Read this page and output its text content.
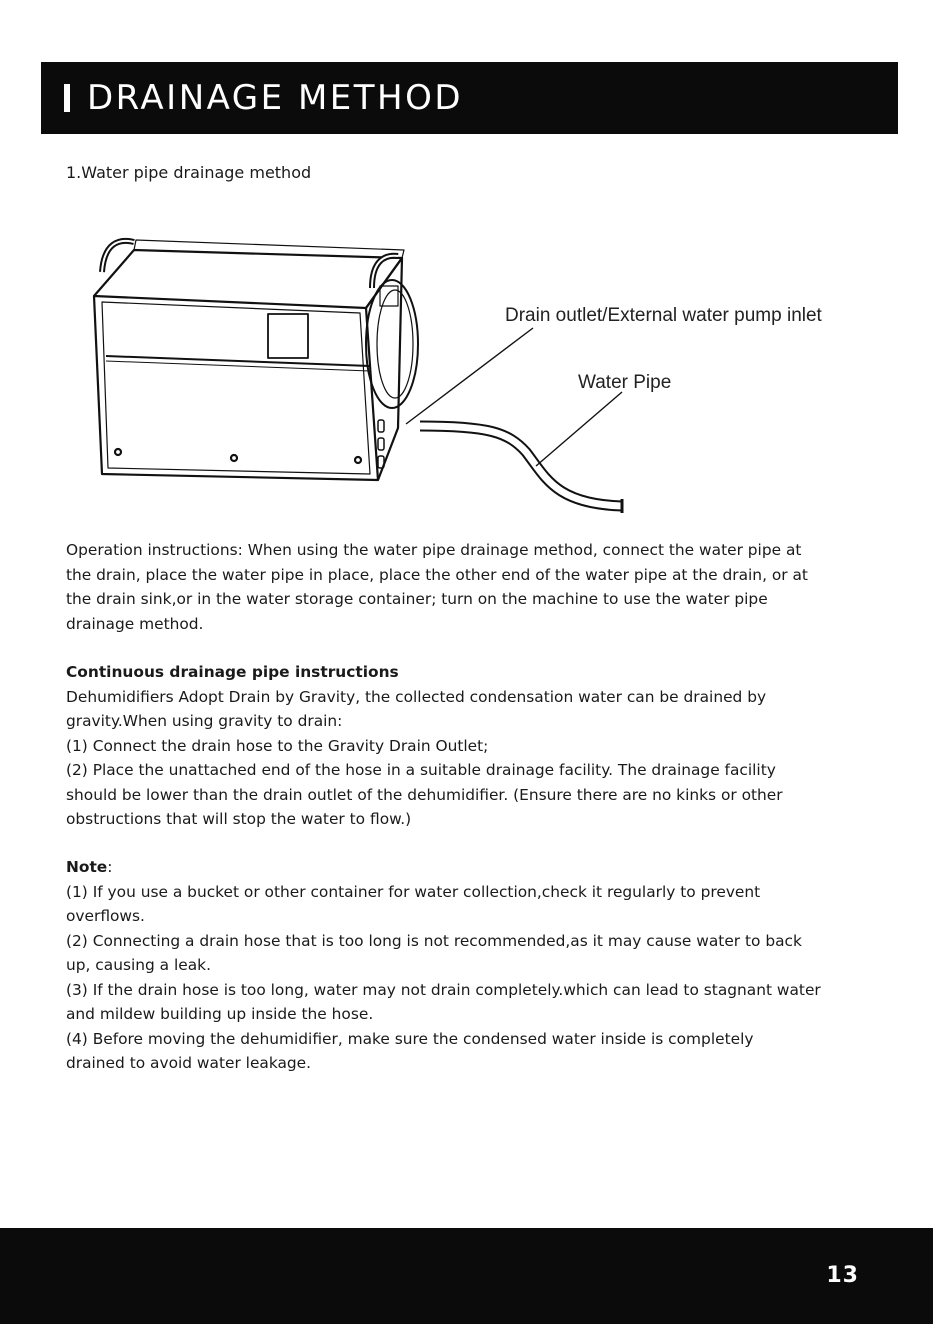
DRAINAGE METHOD
1.Water pipe drainage method
Drain outlet/External water pump inlet
Water Pipe

Operation instructions: When using the water pipe drainage method, connect the water pipe at

the drain, place the water pipe in place, place the other end of the water pipe at the drain, or at

the drain sink,or in the water storage container; turn on the machine to use the water pipe

drainage method.

Continuous drainage pipe instructions

Dehumidifiers Adopt Drain by Gravity, the collected condensation water can be drained by

gravity.When using gravity to drain:

(1) Connect the drain hose to the Gravity Drain Outlet;

(2) Place the unattached end of the hose in a suitable drainage facility. The drainage facility

should be lower than the drain outlet of the dehumidifier. (Ensure there are no kinks or other

obstructions that will stop the water to flow.)

Note:

(1) If you use a bucket or other container for water collection,check it regularly to prevent

overflows.

(2) Connecting a drain hose that is too long is not recommended,as it may cause water to back

up, causing a leak.

(3) If the drain hose is too long, water may not drain completely.which can lead to stagnant water

and mildew building up inside the hose.

(4) Before moving the dehumidifier, make sure the condensed water inside is completely

drained to avoid water leakage.

13
